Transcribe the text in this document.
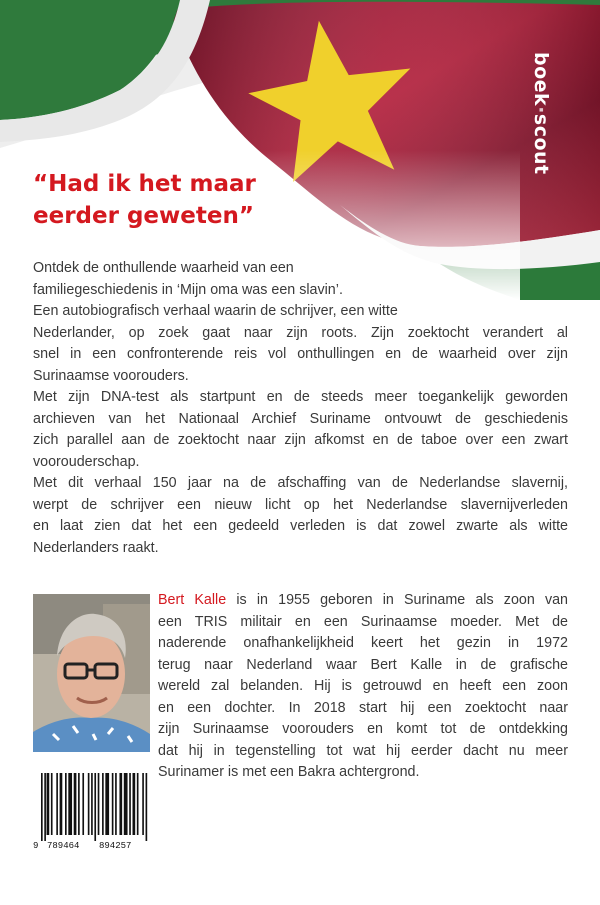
boek·scout
“Had ik het maar
eerder geweten”
Ontdek de onthullende waarheid van een
familiegeschiedenis in ‘Mijn oma was een slavin’.
Een autobiografisch verhaal waarin de schrijver, een witte
Nederlander, op zoek gaat naar zijn roots. Zijn zoektocht verandert al
snel in een confronterende reis vol onthullingen en de waarheid over zijn
Surinaamse voorouders.
Met zijn DNA-test als startpunt en de steeds meer toegankelijk geworden
archieven van het Nationaal Archief Suriname ontvouwt de geschiedenis
zich parallel aan de zoektocht naar zijn afkomst en de taboe over een zwart
voorouderschap.
Met dit verhaal 150 jaar na de afschaffing van de Nederlandse slavernij,
werpt de schrijver een nieuw licht op het Nederlandse slavernijverleden
en laat zien dat het een gedeeld verleden is dat zowel zwarte als witte
Nederlanders raakt.
Bert Kalle is in 1955 geboren in Suriname als zoon van
een TRIS militair en een Surinaamse moeder. Met de
naderende onafhankelijkheid keert het gezin in 1972
terug naar Nederland waar Bert Kalle in de grafische
wereld zal belanden. Hij is getrouwd en heeft een zoon
en een dochter. In 2018 start hij een zoektocht naar
zijn Surinaamse voorouders en komt tot de ontdekking
dat hij in tegenstelling tot wat hij eerder dacht nu meer
Surinamer is met een Bakra achtergrond.
9 789464 894257
